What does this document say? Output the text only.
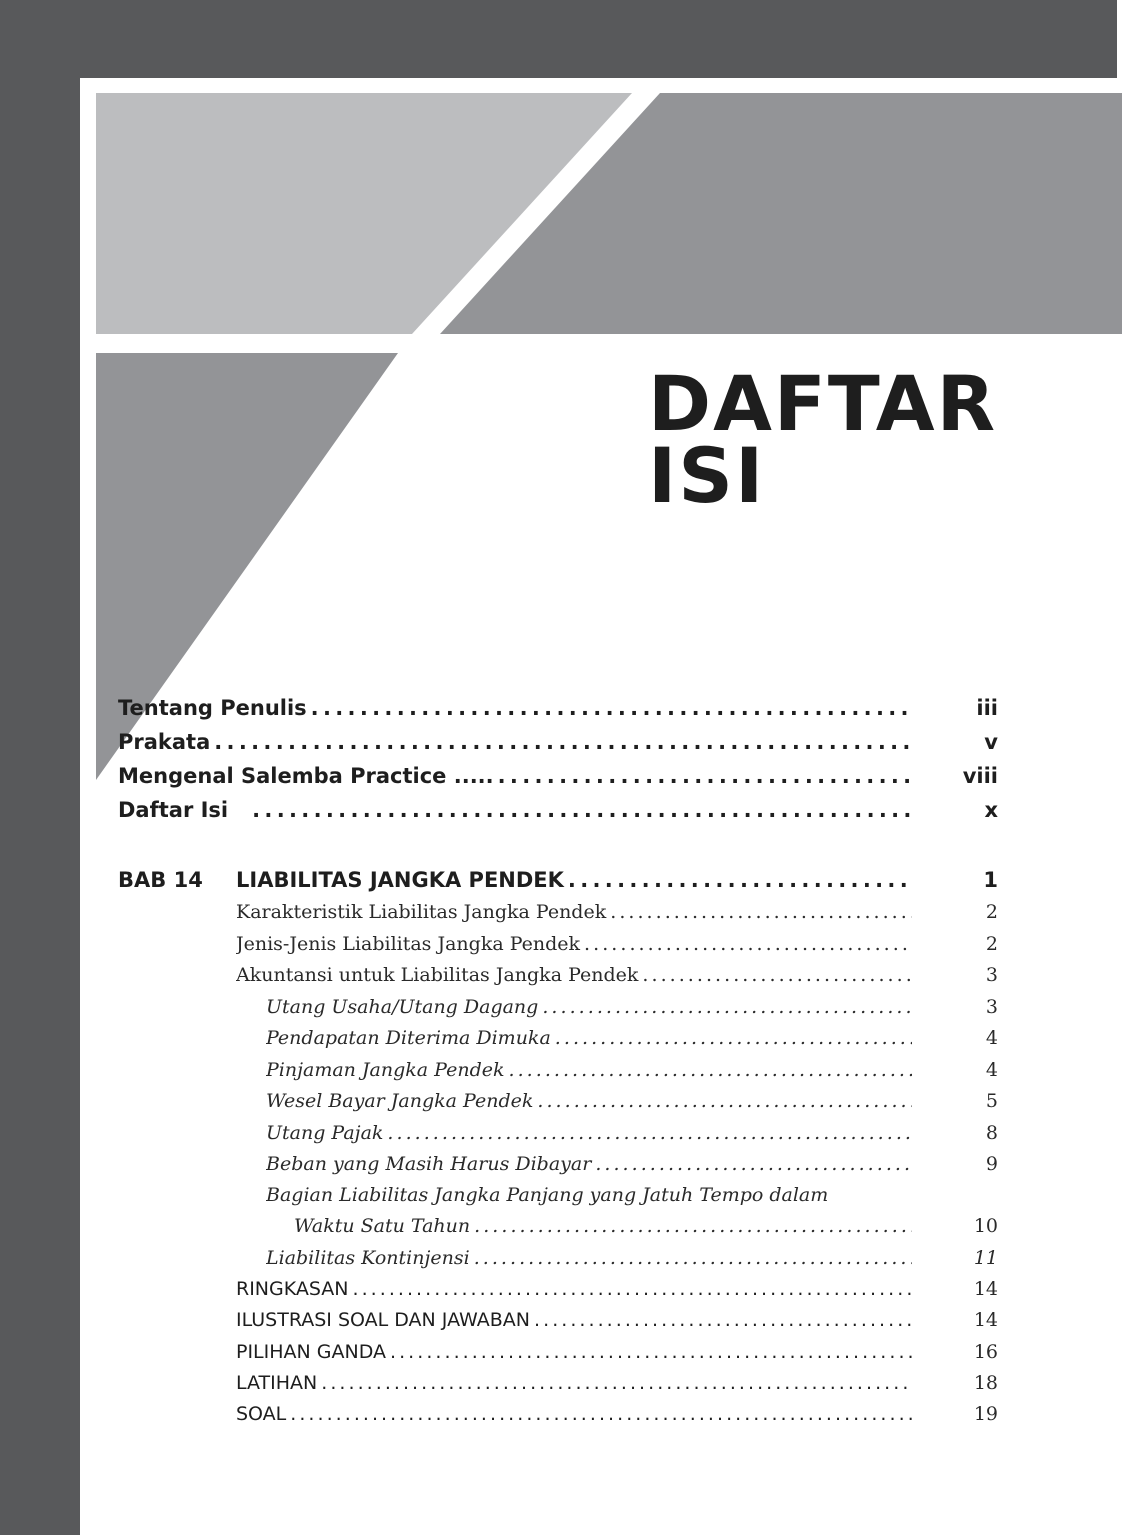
DAFTAR
ISI
Tentang Penulis . . .	iii
Prakata . . .	v
Mengenal Salemba Practice ..... . . .	viii
Daftar Isi . . .	x
BAB 14 LIABILITAS JANGKA PENDEK . . .	1
Karakteristik Liabilitas Jangka Pendek . . .	2
Jenis-Jenis Liabilitas Jangka Pendek . . .	2
Akuntansi untuk Liabilitas Jangka Pendek . . .	3
Utang Usaha/Utang Dagang . . .	3
Pendapatan Diterima Dimuka . . .	4
Pinjaman Jangka Pendek . . .	4
Wesel Bayar Jangka Pendek . . .	5
Utang Pajak . . .	8
Beban yang Masih Harus Dibayar . . .	9
Bagian Liabilitas Jangka Panjang yang Jatuh Tempo dalam
Waktu Satu Tahun . . .	10
Liabilitas Kontinjensi . . .	11
RINGKASAN . . .	14
ILUSTRASI SOAL DAN JAWABAN . . .	14
PILIHAN GANDA . . .	16
LATIHAN . . .	18
SOAL . . .	19
